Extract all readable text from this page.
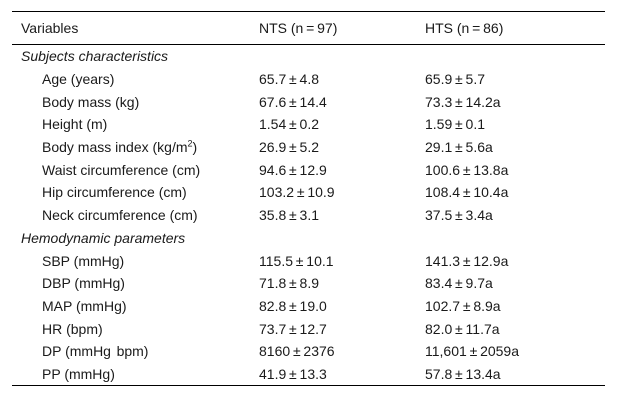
Variables	NTS (n = 97)	HTS (n = 86)
Subjects characteristics		
Age (years)	65.7 ± 4.8	65.9 ± 5.7
Body mass (kg)	67.6 ± 14.4	73.3 ± 14.2a
Height (m)	1.54 ± 0.2	1.59 ± 0.1
Body mass index $(kg/m^2)$	26.9 ± 5.2	29.1 ± 5.6a
Waist circumference (cm)	94.6 ± 12.9	100.6 ± 13.8a
Hip circumference (cm)	103.2 ± 10.9	108.4 ± 10.4a
Neck circumference (cm)	35.8 ± 3.1	37.5 ± 3.4a
Hemodynamic parameters		
SBP (mmHg)	115.5 ± 10.1	141.3 ± 12.9a
DBP (mmHg)	71.8 ± 8.9	83.4 ± 9.7a
MAP (mmHg)	82.8 ± 19.0	102.7 ± 8.9a
HR (bpm)	73.7 ± 12.7	82.0 ± 11.7a
DP (mmHg  bpm)	8160 ± 2376	11,601 ± 2059a
PP (mmHg)	41.9 ± 13.3	57.8 ± 13.4a
